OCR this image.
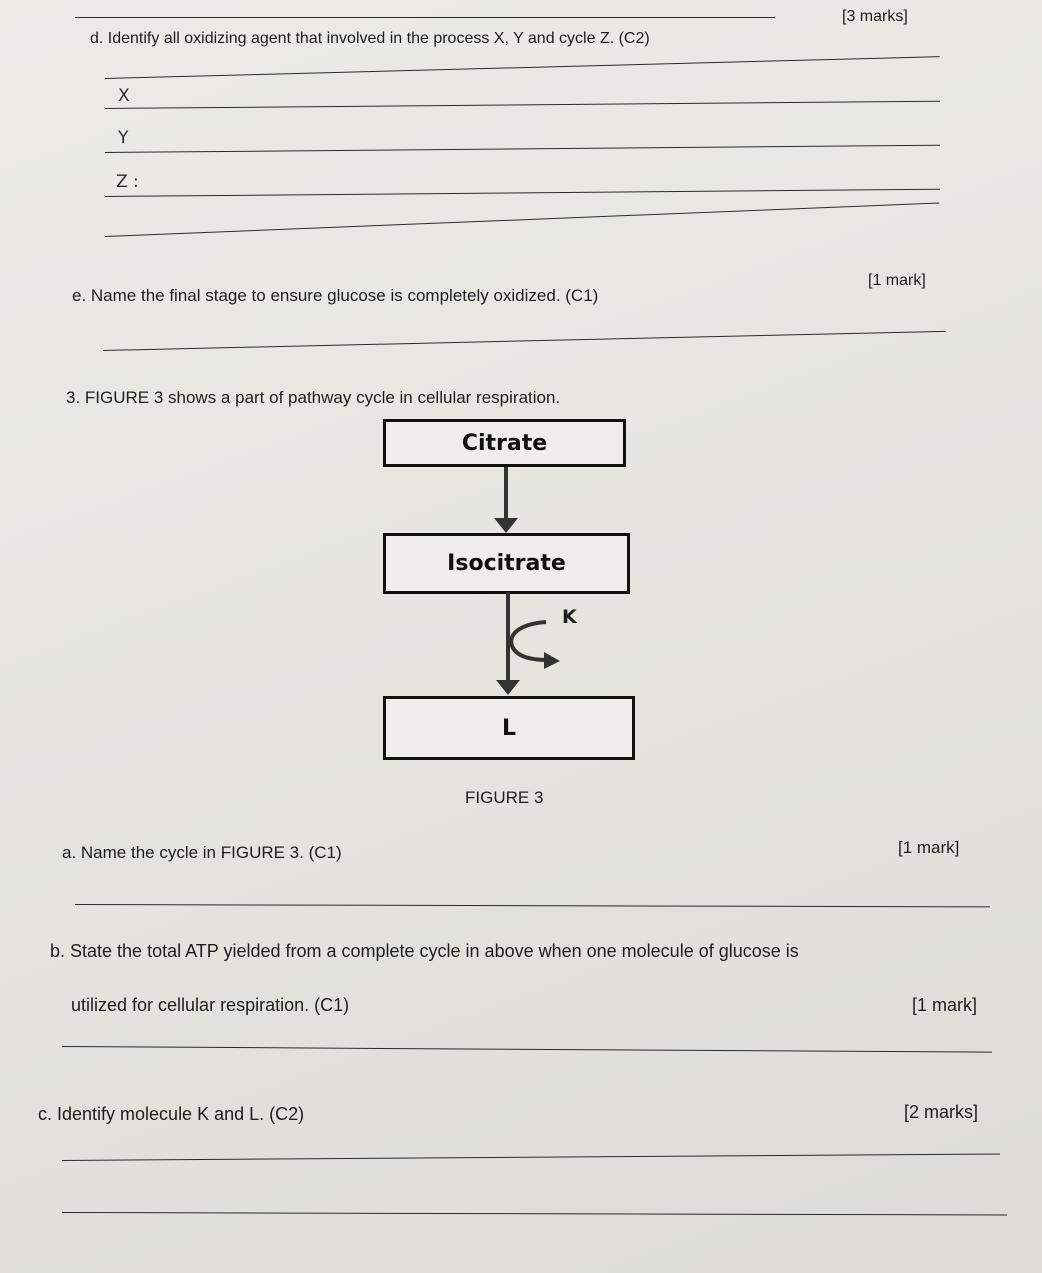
d. Identify all oxidizing agent that involved in the process X, Y and cycle Z. (C2)
[3 marks]
X
Y
Z :
[1 mark]
e. Name the final stage to ensure glucose is completely oxidized. (C1)
3. FIGURE 3 shows a part of pathway cycle in cellular respiration.
Citrate
Isocitrate
L
K
FIGURE 3
a. Name the cycle in FIGURE 3. (C1)	[1 mark]
b. State the total ATP yielded from a complete cycle in above when one molecule of glucose is
utilized for cellular respiration. (C1)	[1 mark]
c. Identify molecule K and L. (C2)	[2 marks]
